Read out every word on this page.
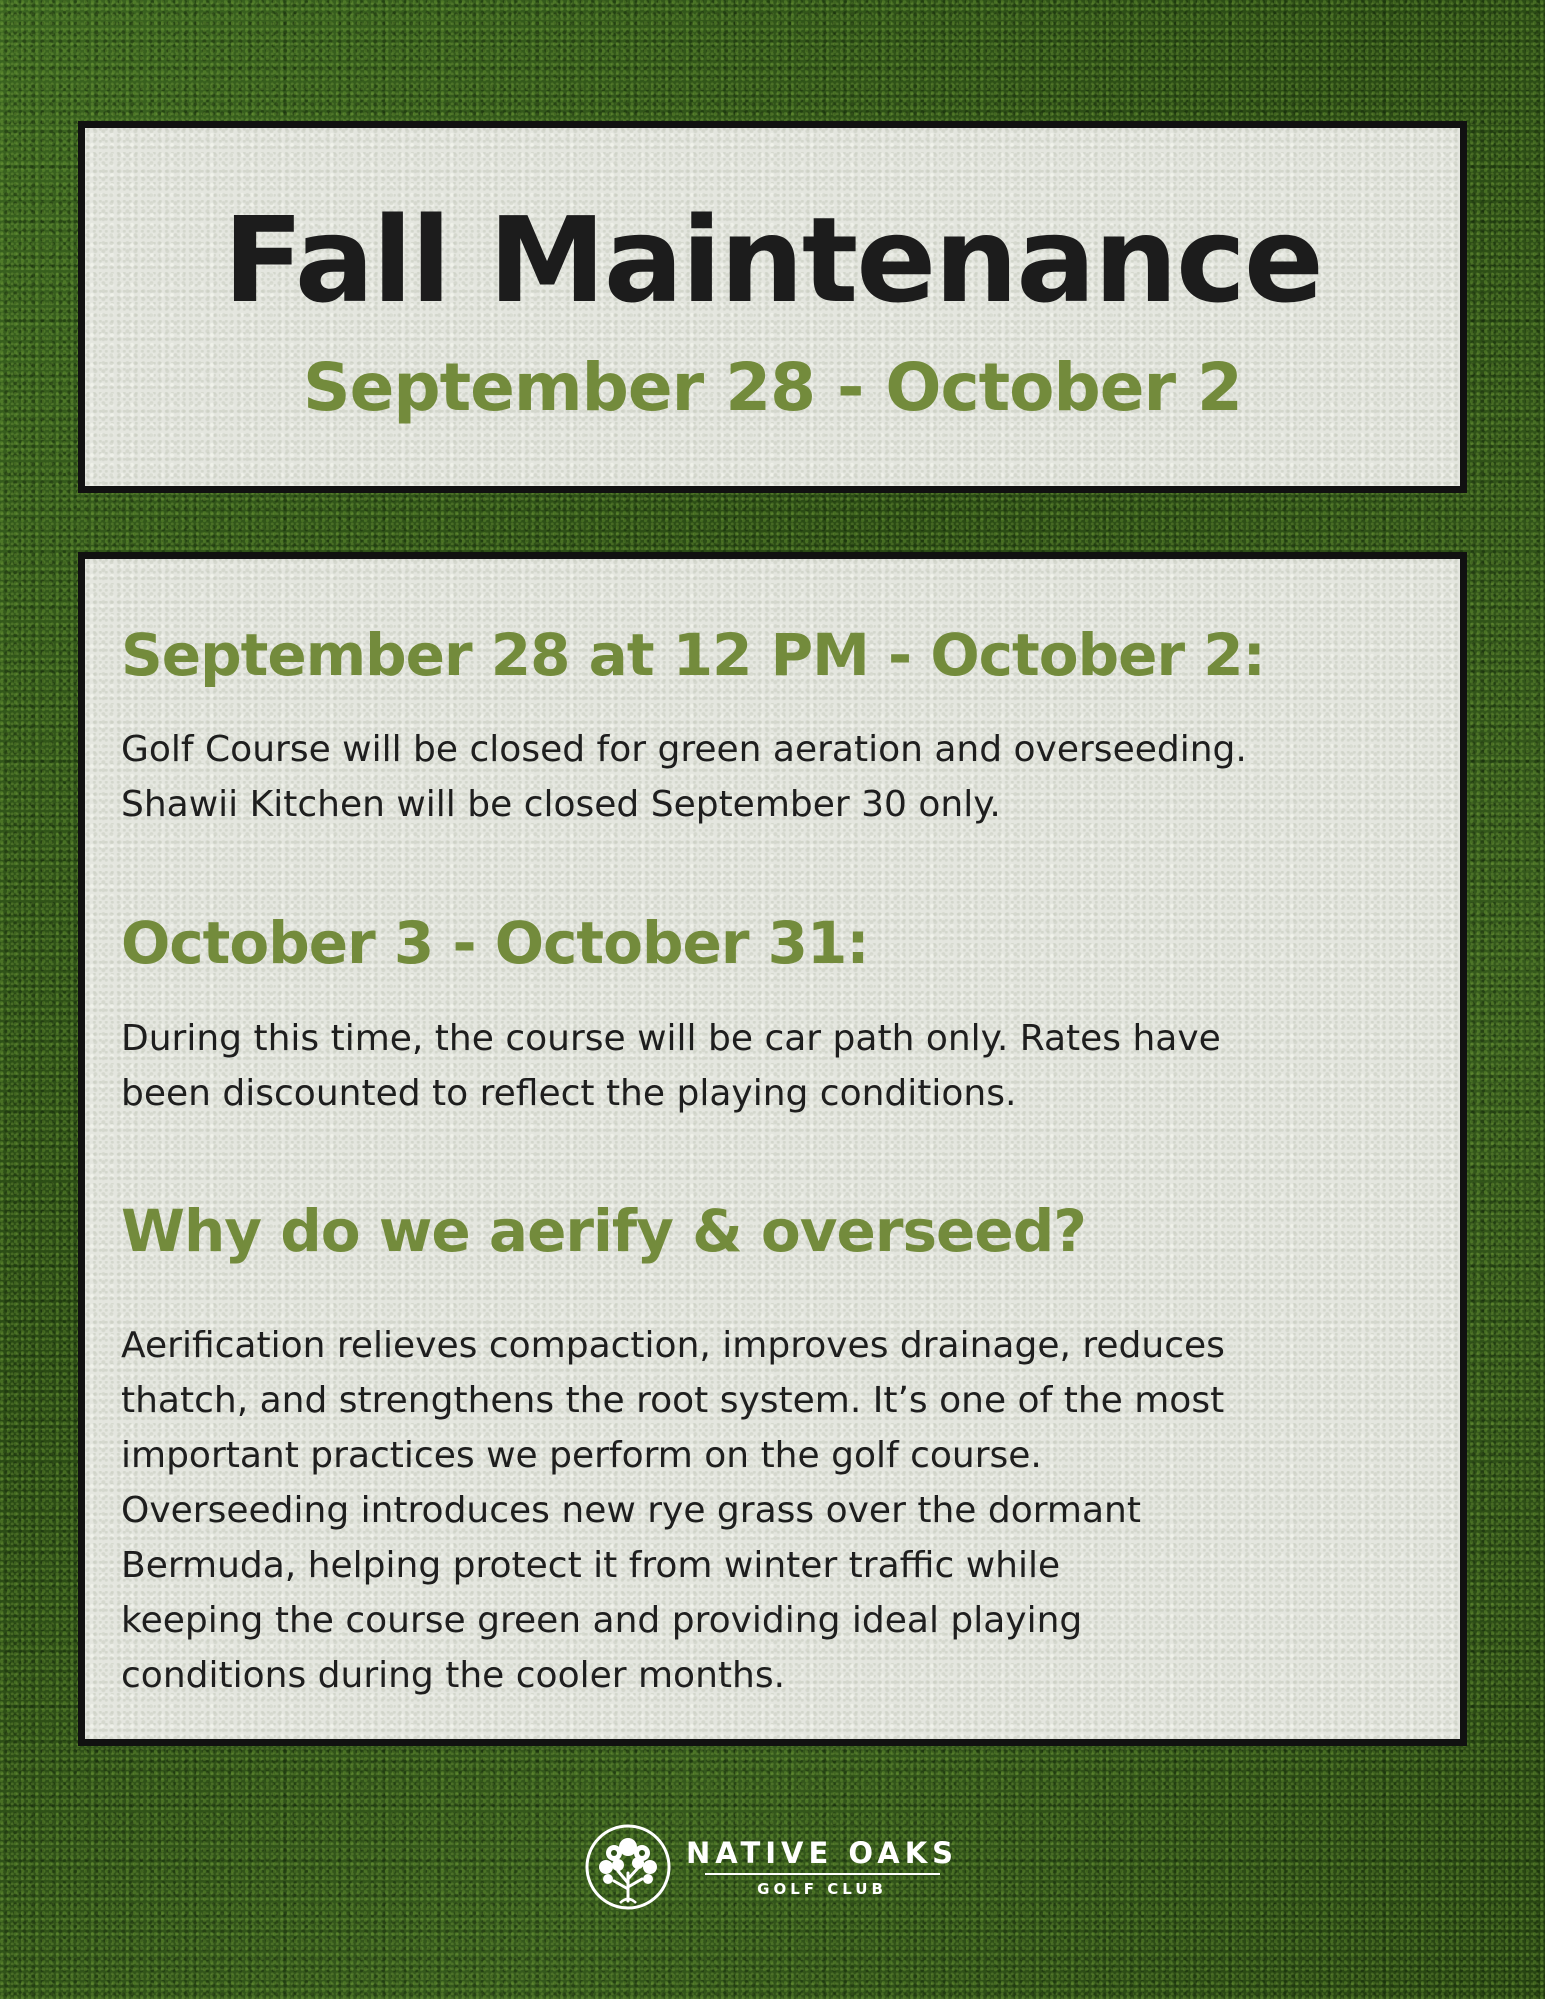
Fall Maintenance
September 28 - October 2
September 28 at 12 PM - October 2:

Golf Course will be closed for green aeration and overseeding.
Shawii Kitchen will be closed September 30 only.

October 3 - October 31:

During this time, the course will be car path only. Rates have
been discounted to reflect the playing conditions.

Why do we aerify & overseed?

Aerification relieves compaction, improves drainage, reduces
thatch, and strengthens the root system. It’s one of the most
important practices we perform on the golf course.
Overseeding introduces new rye grass over the dormant
Bermuda, helping protect it from winter traffic while
keeping the course green and providing ideal playing
conditions during the cooler months.

NATIVE OAKS
GOLF CLUB
